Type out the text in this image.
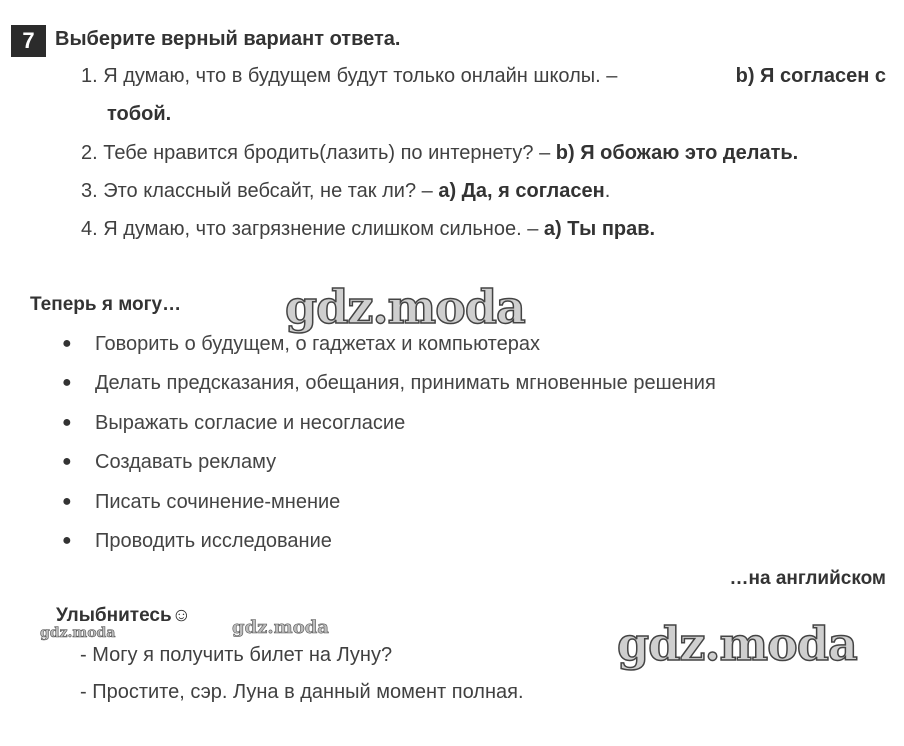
7 Выберите верный вариант ответа.
1. Я думаю, что в будущем будут только онлайн школы. –	b) Я согласен с
тобой.
2. Тебе нравится бродить(лазить) по интернету? – b) Я обожаю это делать.
3. Это классный вебсайт, не так ли? – a) Да, я согласен.
4. Я думаю, что загрязнение слишком сильное. – a) Ты прав.
Теперь я могу… gdz.moda
● Говорить о будущем, о гаджетах и компьютерах
● Делать предсказания, обещания, принимать мгновенные решения
● Выражать согласие и несогласие
● Создавать рекламу
● Писать сочинение-мнение
● Проводить исследование
…на английском
Улыбнитесь☺
gdz.moda	gdz.moda	gdz.moda
- Могу я получить билет на Луну?
- Простите, сэр. Луна в данный момент полная.
